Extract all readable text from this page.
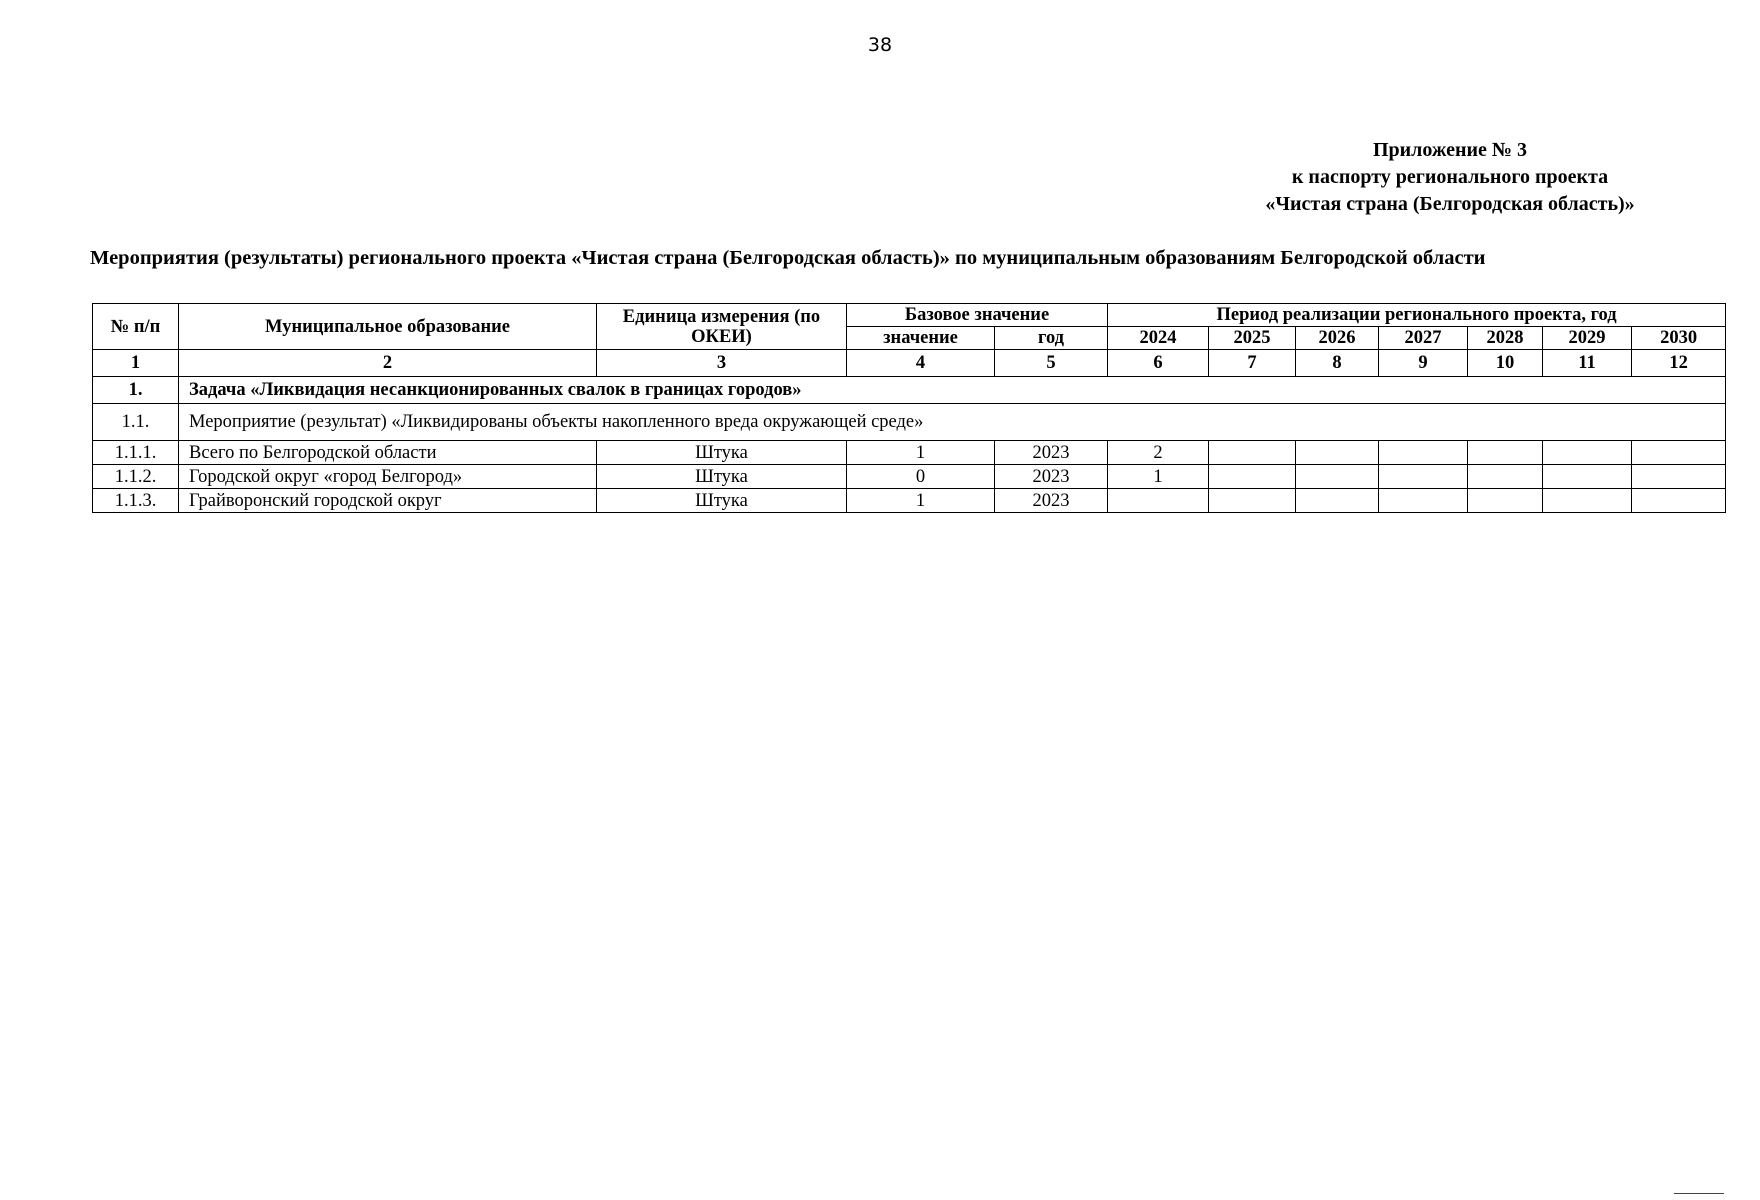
38
Приложение № 3
к паспорту регионального проекта
«Чистая страна (Белгородская область)»
Мероприятия (результаты) регионального проекта «Чистая страна (Белгородская область)» по муниципальным образованиям Белгородской области
№ п/п	Муниципальное образование	Единица измерения (по ОКЕИ)	Базовое значение		Период реализации регионального проекта, год						
			значение	год	2024	2025	2026	2027	2028	2029	2030
1	2	3	4	5	6	7	8	9	10	11	12
1.	Задача «Ликвидация несанкционированных свалок в границах городов»										
1.1.	Мероприятие (результат) «Ликвидированы объекты накопленного вреда окружающей среде»										
1.1.1.	Всего по Белгородской области	Штука	1	2023	2						
1.1.2.	Городской округ «город Белгород»	Штука	0	2023	1						
1.1.3.	Грайворонский городской округ	Штука	1	2023							
